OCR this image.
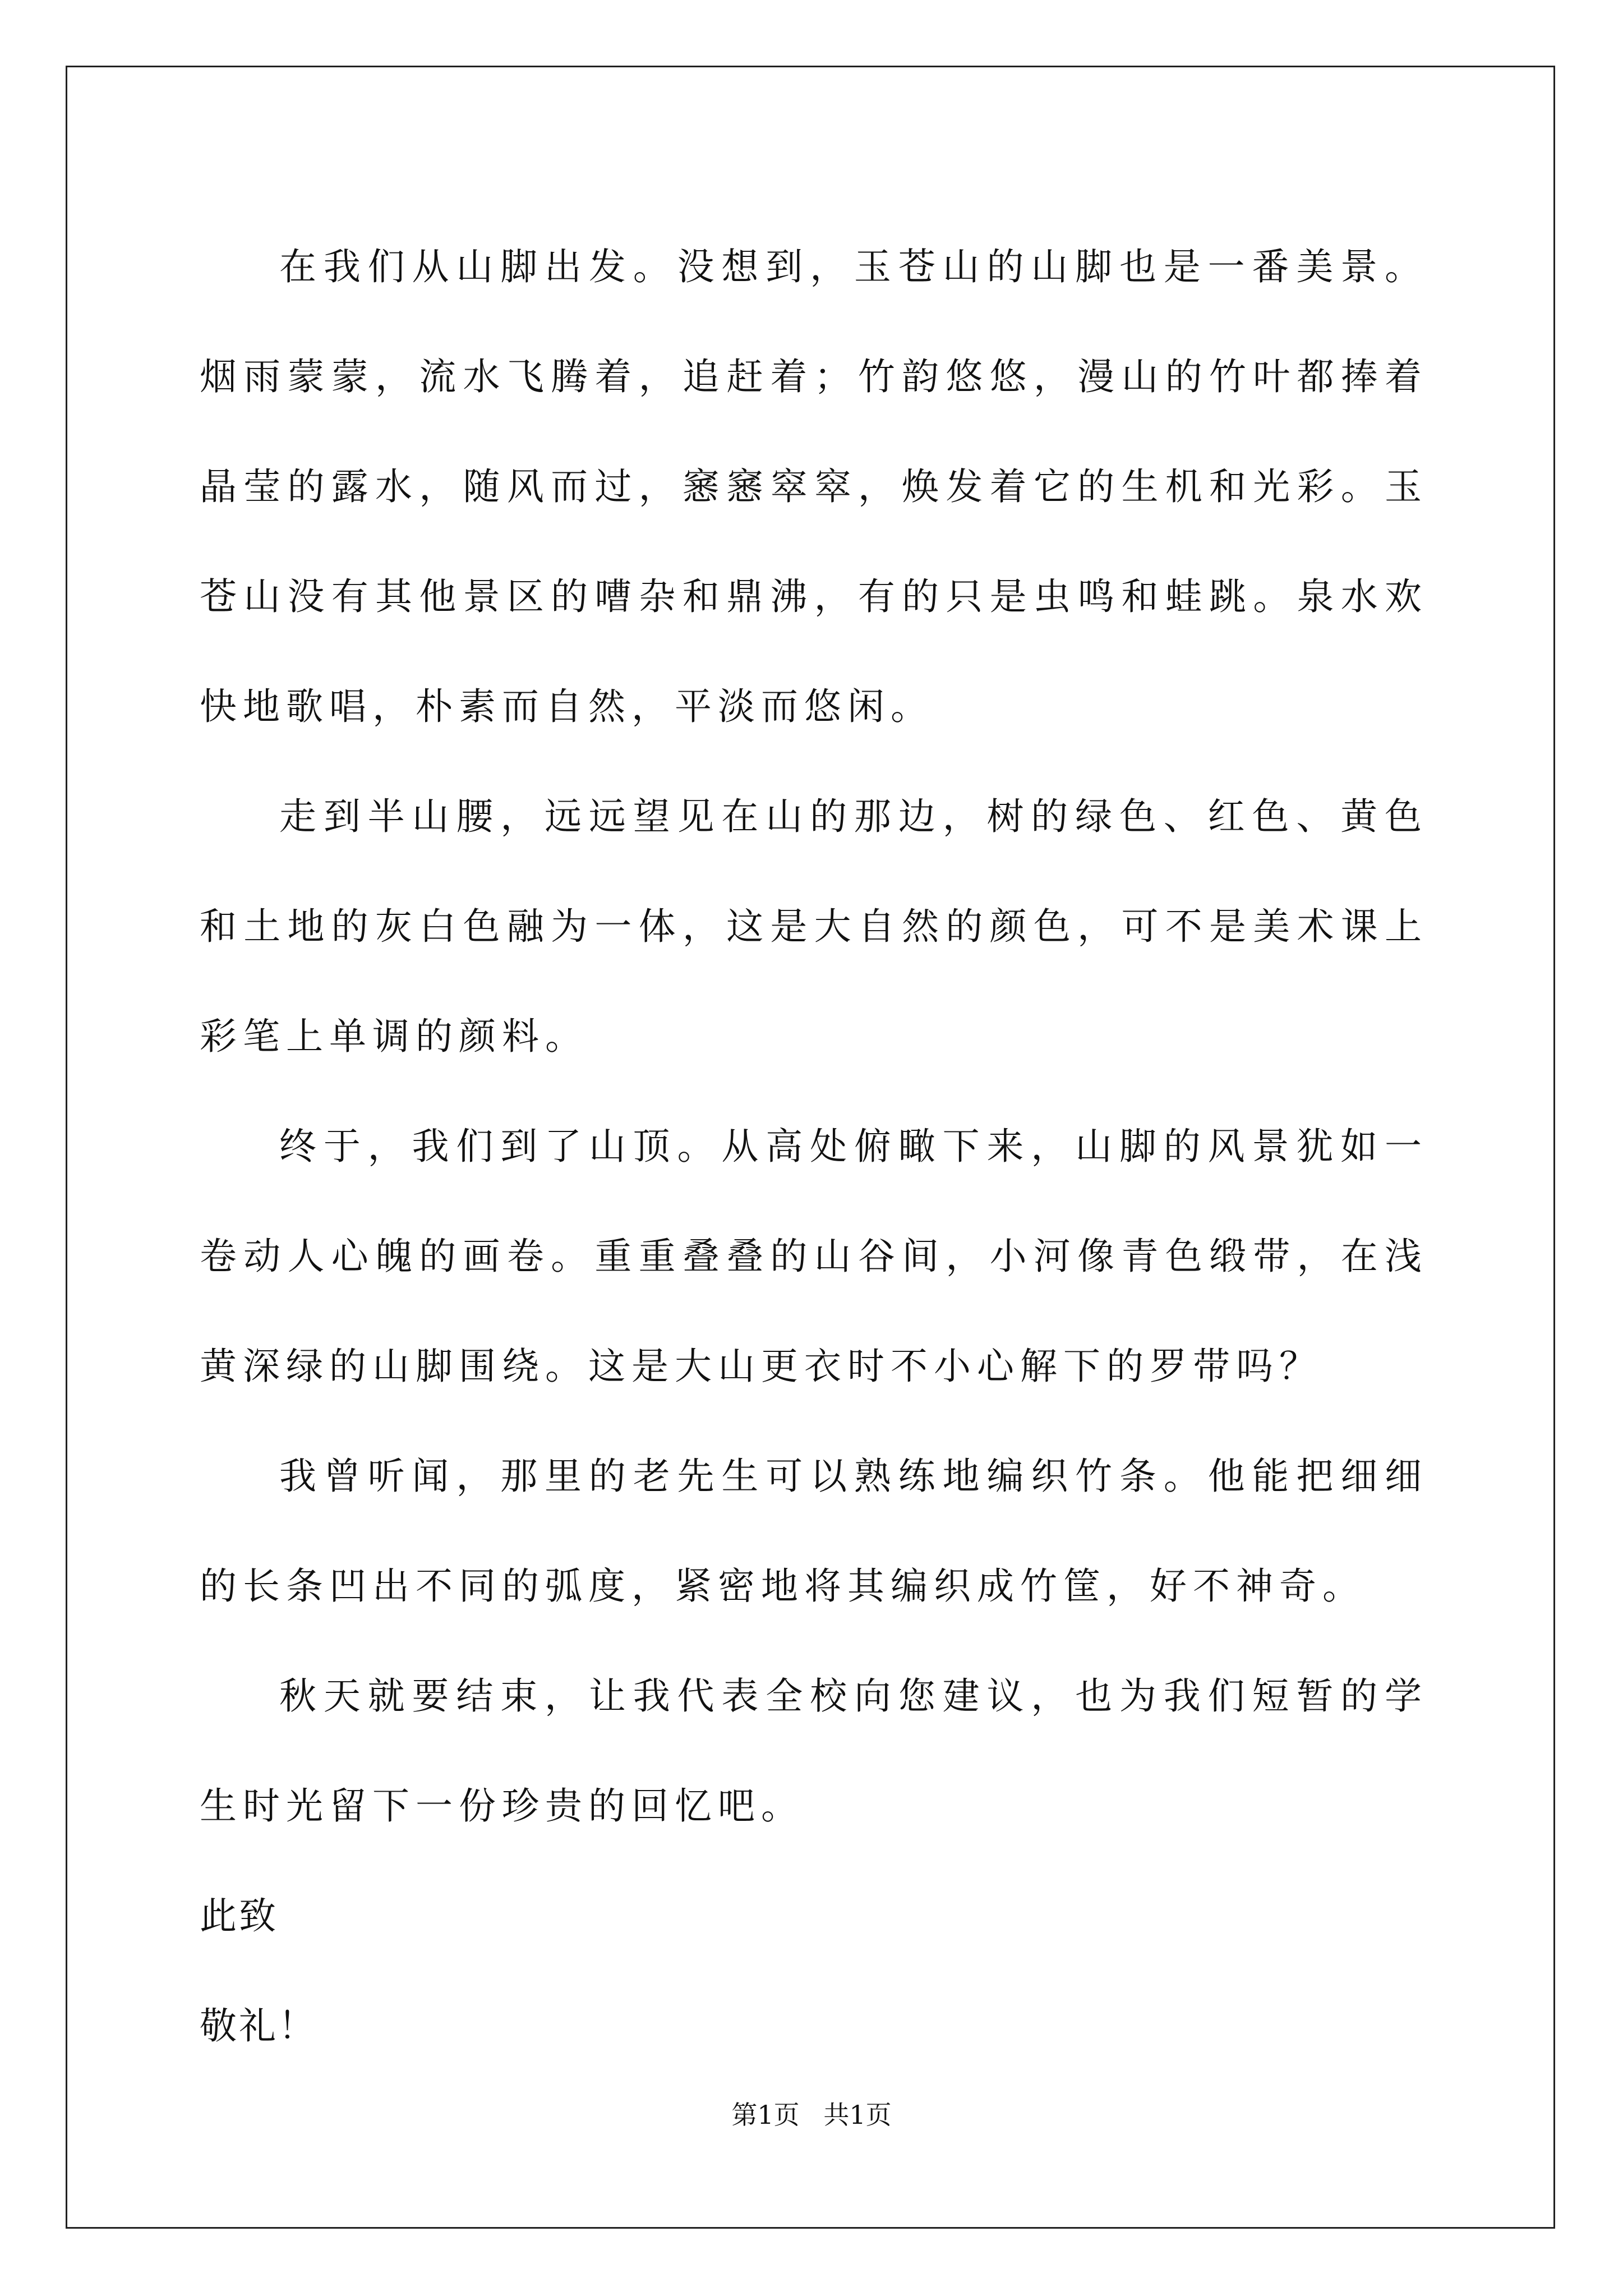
在我们从山脚出发。没想到，玉苍山的山脚也是一番美景。烟雨蒙蒙，流水飞腾着，追赶着；竹韵悠悠，漫山的竹叶都捧着晶莹的露水，随风而过，窸窸窣窣，焕发着它的生机和光彩。玉苍山没有其他景区的嘈杂和鼎沸，有的只是虫鸣和蛙跳。泉水欢快地歌唱，朴素而自然，平淡而悠闲。

走到半山腰，远远望见在山的那边，树的绿色、红色、黄色和土地的灰白色融为一体，这是大自然的颜色，可不是美术课上彩笔上单调的颜料。

终于，我们到了山顶。从高处俯瞰下来，山脚的风景犹如一卷动人心魄的画卷。重重叠叠的山谷间，小河像青色缎带，在浅黄深绿的山脚围绕。这是大山更衣时不小心解下的罗带吗？

我曾听闻，那里的老先生可以熟练地编织竹条。他能把细细的长条凹出不同的弧度，紧密地将其编织成竹筐，好不神奇。

秋天就要结束，让我代表全校向您建议，也为我们短暂的学生时光留下一份珍贵的回忆吧。

此致

敬礼！

第1页 共1页
